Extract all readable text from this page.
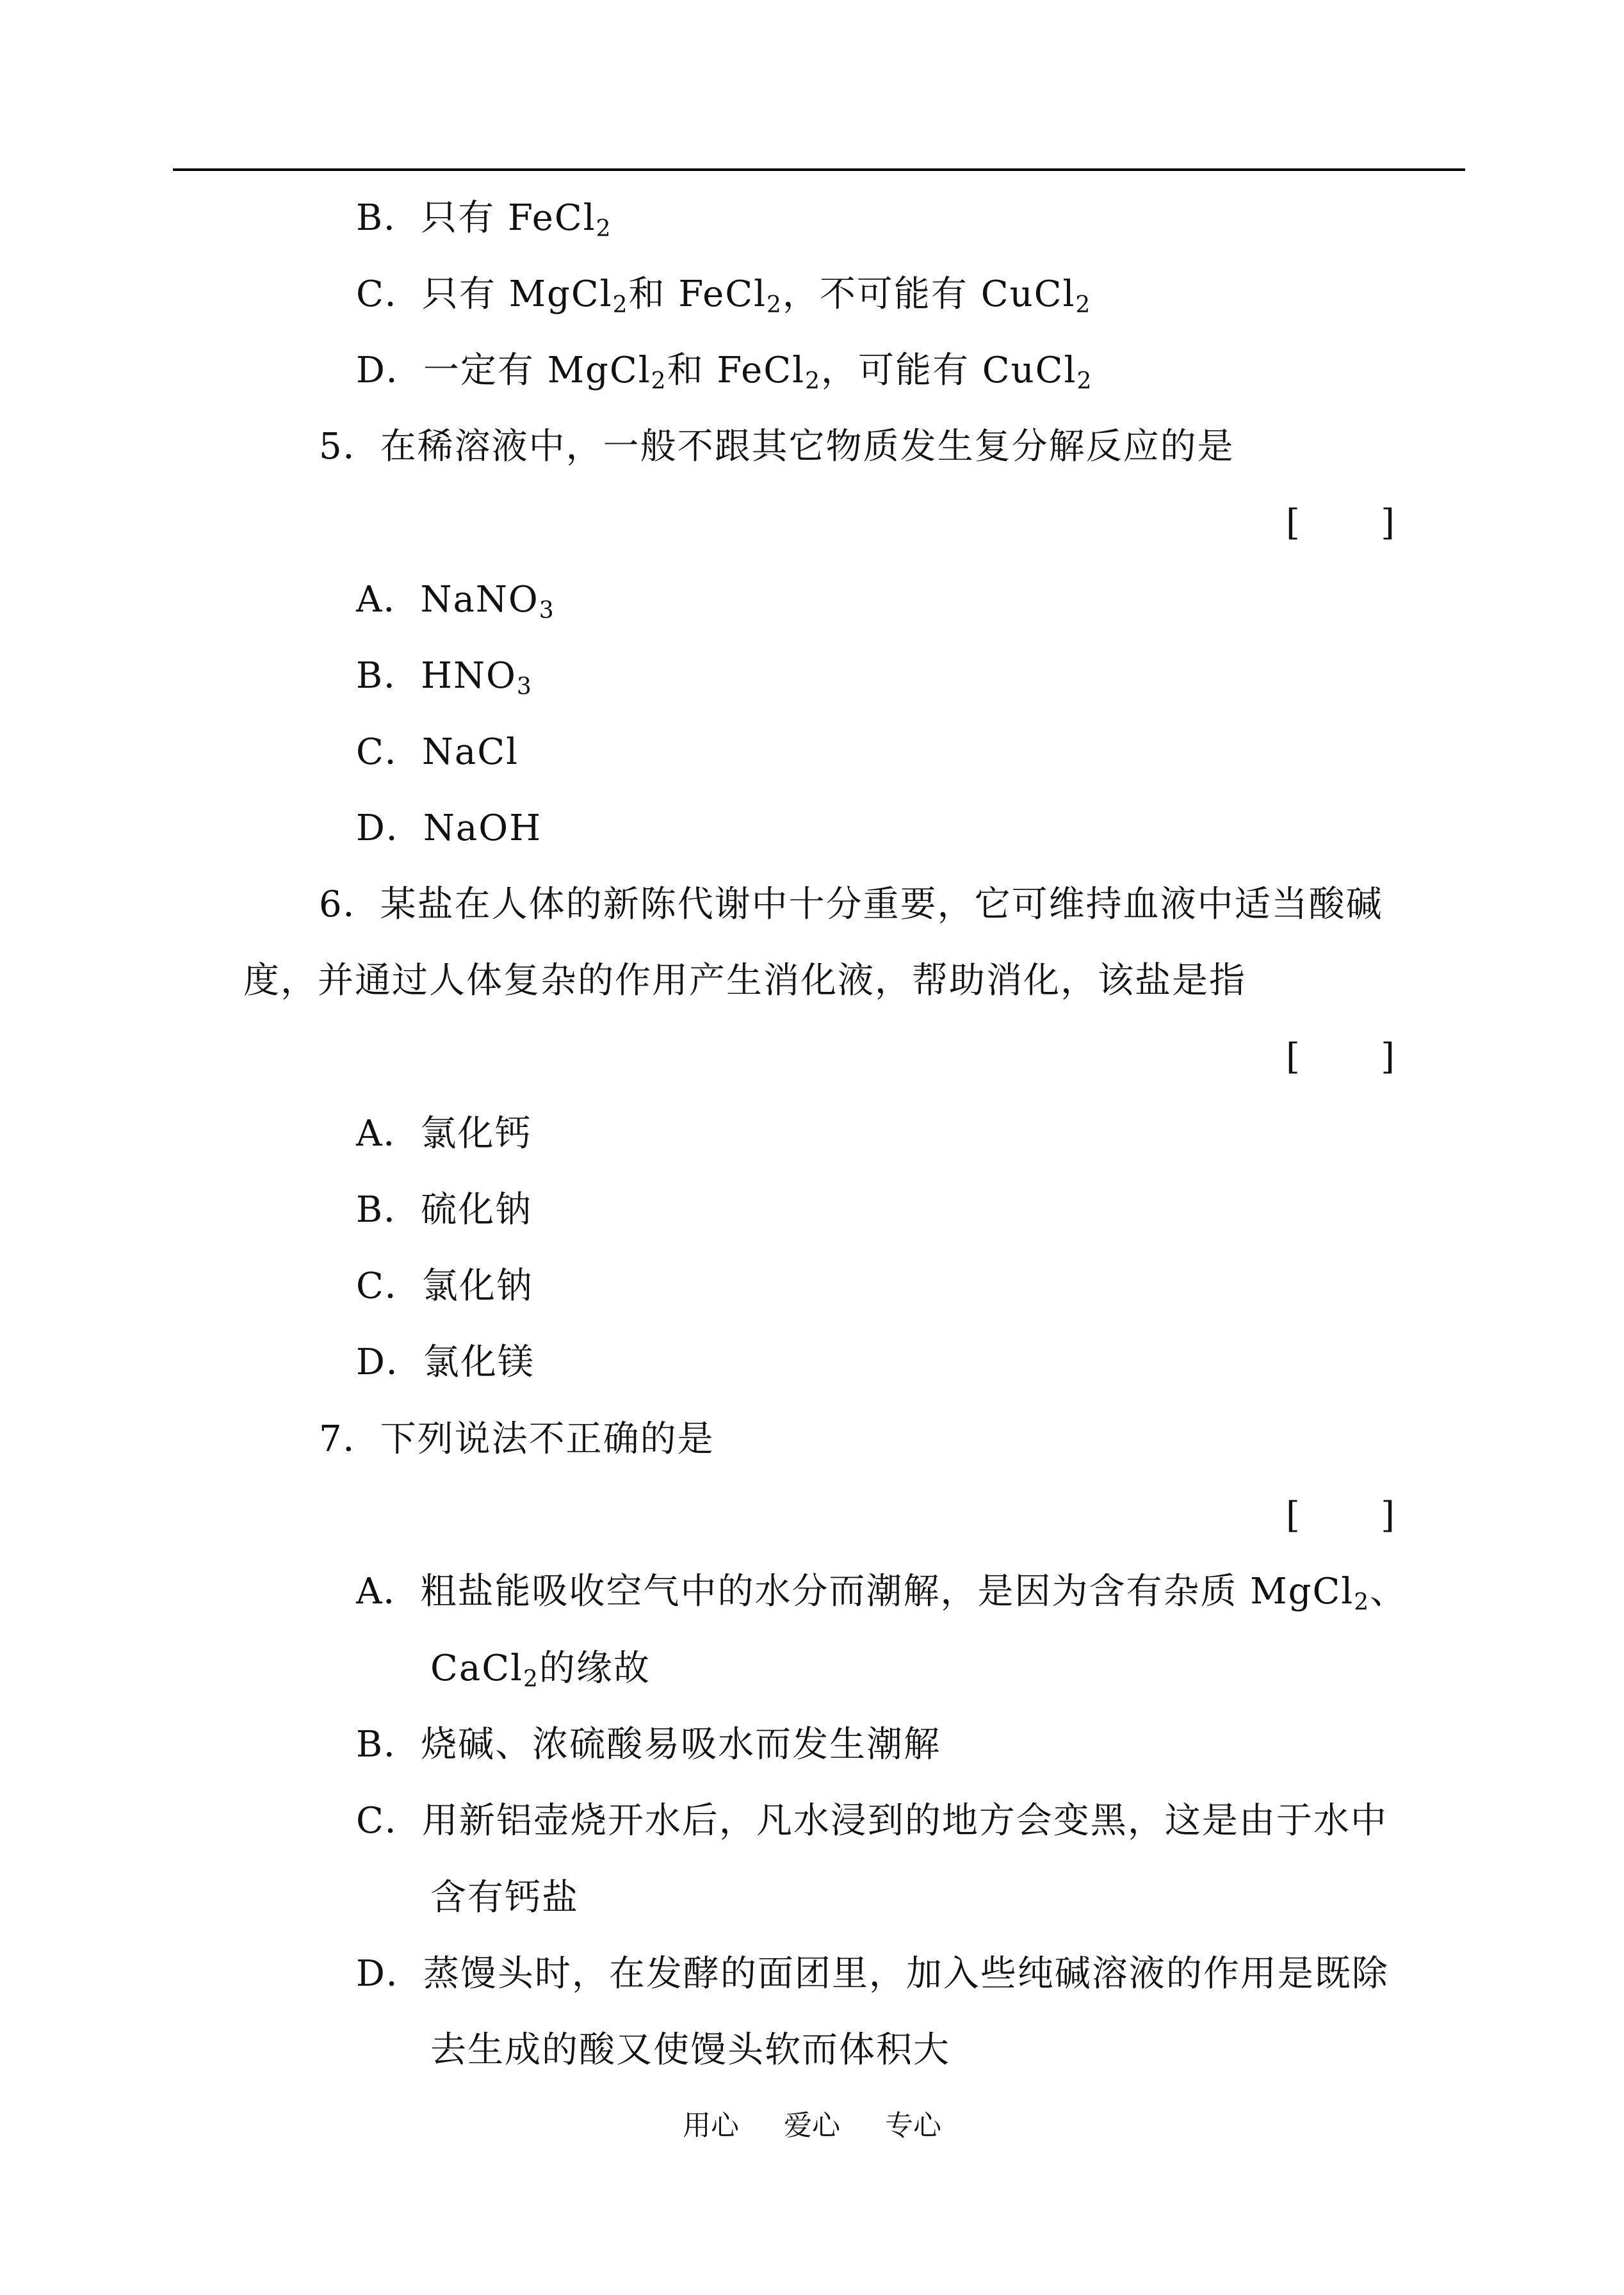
B．只有 FeCl$_2$
C．只有 MgCl$_2$和 FeCl$_2$，不可能有 CuCl$_2$
D．一定有 MgCl$_2$和 FeCl$_2$，可能有 CuCl$_2$
5．在稀溶液中，一般不跟其它物质发生复分解反应的是
[ ]
A．NaNO$_3$
B．$HNO_3$
C．NaCl
D．NaOH
6．某盐在人体的新陈代谢中十分重要，它可维持血液中适当酸碱
度，并通过人体复杂的作用产生消化液，帮助消化，该盐是指
[ ]
A．氯化钙
B．硫化钠
C．氯化钠
D．氯化镁
7．下列说法不正确的是
[ ]
A．粗盐能吸收空气中的水分而潮解，是因为含有杂质 MgCl$_2$、
CaCl$_2$的缘故
B．烧碱、浓硫酸易吸水而发生潮解
C．用新铝壶烧开水后，凡水浸到的地方会变黑，这是由于水中
含有钙盐
D．蒸馒头时，在发酵的面团里，加入些纯碱溶液的作用是既除
去生成的酸又使馒头软而体积大
用心 爱心 专心
